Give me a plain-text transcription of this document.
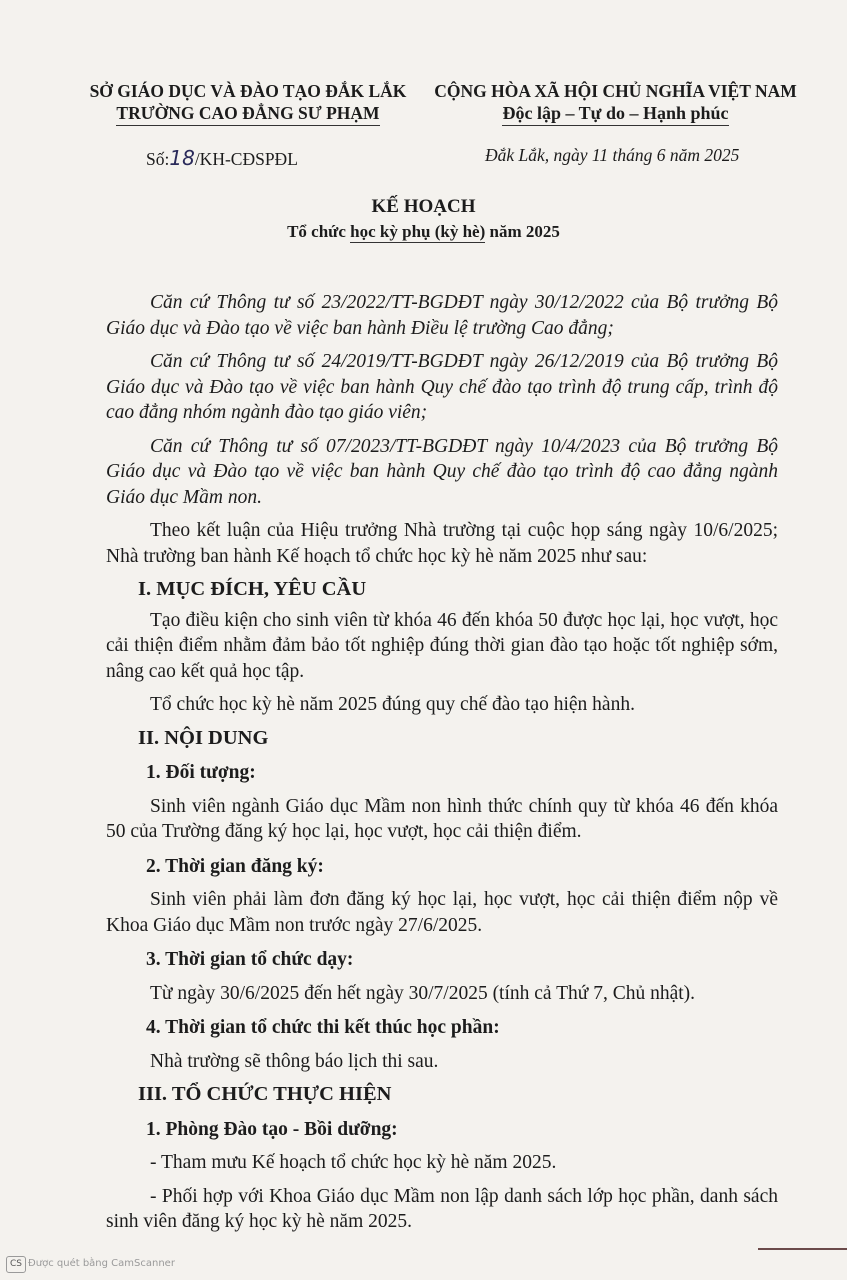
SỞ GIÁO DỤC VÀ ĐÀO TẠO ĐẮK LẮK
TRƯỜNG CAO ĐẲNG SƯ PHẠM
CỘNG HÒA XÃ HỘI CHỦ NGHĨA VIỆT NAM
Độc lập – Tự do – Hạnh phúc
Số:18/KH-CĐSPĐL	Đắk Lắk, ngày 11 tháng 6 năm 2025
KẾ HOẠCH
Tổ chức học kỳ phụ (kỳ hè) năm 2025

Căn cứ Thông tư số 23/2022/TT-BGDĐT ngày 30/12/2022 của Bộ trưởng Bộ Giáo dục và Đào tạo về việc ban hành Điều lệ trường Cao đẳng;

Căn cứ Thông tư số 24/2019/TT-BGDĐT ngày 26/12/2019 của Bộ trưởng Bộ Giáo dục và Đào tạo về việc ban hành Quy chế đào tạo trình độ trung cấp, trình độ cao đẳng nhóm ngành đào tạo giáo viên;

Căn cứ Thông tư số 07/2023/TT-BGDĐT ngày 10/4/2023 của Bộ trưởng Bộ Giáo dục và Đào tạo về việc ban hành Quy chế đào tạo trình độ cao đẳng ngành Giáo dục Mầm non.

Theo kết luận của Hiệu trưởng Nhà trường tại cuộc họp sáng ngày 10/6/2025; Nhà trường ban hành Kế hoạch tổ chức học kỳ hè năm 2025 như sau:

I. MỤC ĐÍCH, YÊU CẦU

Tạo điều kiện cho sinh viên từ khóa 46 đến khóa 50 được học lại, học vượt, học cải thiện điểm nhằm đảm bảo tốt nghiệp đúng thời gian đào tạo hoặc tốt nghiệp sớm, nâng cao kết quả học tập.

Tổ chức học kỳ hè năm 2025 đúng quy chế đào tạo hiện hành.

II. NỘI DUNG

1. Đối tượng:

Sinh viên ngành Giáo dục Mầm non hình thức chính quy từ khóa 46 đến khóa 50 của Trường đăng ký học lại, học vượt, học cải thiện điểm.

2. Thời gian đăng ký:

Sinh viên phải làm đơn đăng ký học lại, học vượt, học cải thiện điểm nộp về Khoa Giáo dục Mầm non trước ngày 27/6/2025.

3. Thời gian tổ chức dạy:

Từ ngày 30/6/2025 đến hết ngày 30/7/2025 (tính cả Thứ 7, Chủ nhật).

4. Thời gian tổ chức thi kết thúc học phần:

Nhà trường sẽ thông báo lịch thi sau.

III. TỔ CHỨC THỰC HIỆN

1. Phòng Đào tạo - Bồi dưỡng:

- Tham mưu Kế hoạch tổ chức học kỳ hè năm 2025.

- Phối hợp với Khoa Giáo dục Mầm non lập danh sách lớp học phần, danh sách sinh viên đăng ký học kỳ hè năm 2025.

CS Được quét bằng CamScanner
